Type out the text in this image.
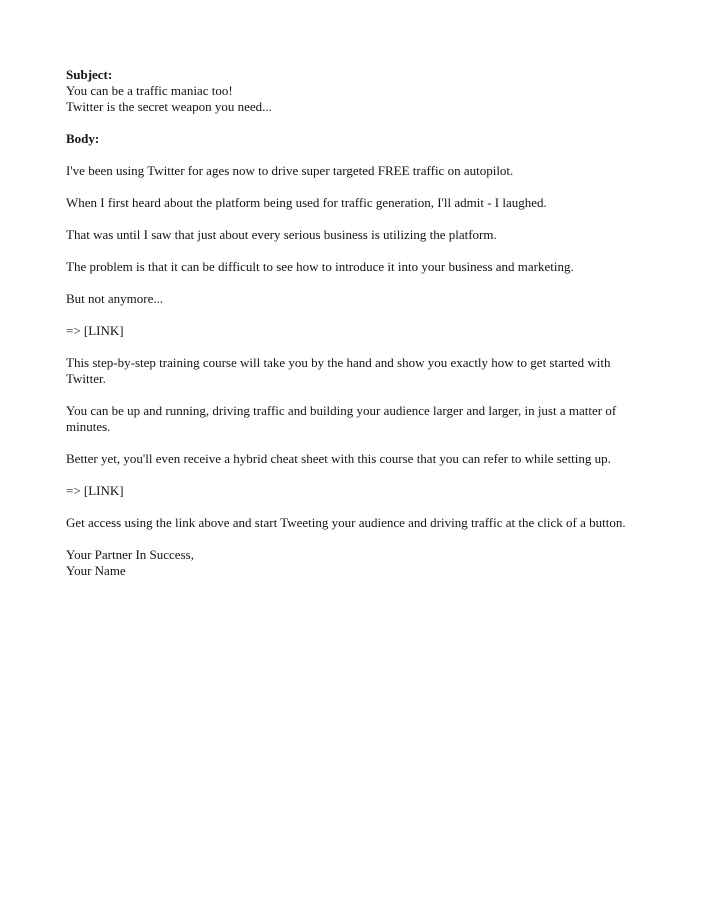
Subject:

You can be a traffic maniac too!

Twitter is the secret weapon you need...

Body:

I've been using Twitter for ages now to drive super targeted FREE traffic on autopilot.

When I first heard about the platform being used for traffic generation, I'll admit - I laughed.

That was until I saw that just about every serious business is utilizing the platform.

The problem is that it can be difficult to see how to introduce it into your business and marketing.

But not anymore...

=> [LINK]

This step-by-step training course will take you by the hand and show you exactly how to get started with Twitter.

You can be up and running, driving traffic and building your audience larger and larger, in just a matter of minutes.

Better yet, you'll even receive a hybrid cheat sheet with this course that you can refer to while setting up.

=> [LINK]

Get access using the link above and start Tweeting your audience and driving traffic at the click of a button.

Your Partner In Success,

Your Name
